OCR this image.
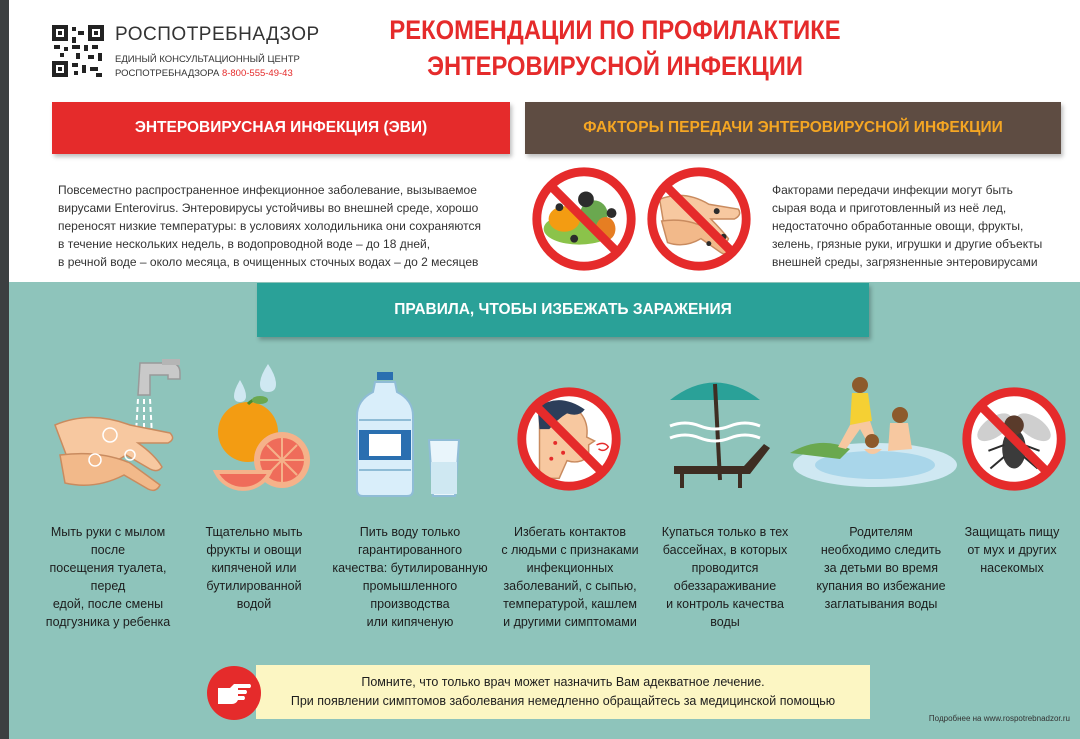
РОСПОТРЕБНАДЗОР
ЕДИНЫЙ КОНСУЛЬТАЦИОННЫЙ ЦЕНТР
РОСПОТРЕБНАДЗОРА 8-800-555-49-43
РЕКОМЕНДАЦИИ ПО ПРОФИЛАКТИКЕ
ЭНТЕРОВИРУСНОЙ ИНФЕКЦИИ
ЭНТЕРОВИРУСНАЯ ИНФЕКЦИЯ (ЭВИ)	ФАКТОРЫ ПЕРЕДАЧИ ЭНТЕРОВИРУСНОЙ ИНФЕКЦИИ
Повсеместно распространенное инфекционное заболевание, вызываемое
вирусами Enterovirus. Энтеровирусы устойчивы во внешней среде, хорошо
переносят низкие температуры: в условиях холодильника они сохраняются
в течение нескольких недель, в водопроводной воде – до 18 дней,
в речной воде – около месяца, в очищенных сточных водах – до 2 месяцев
Факторами передачи инфекции могут быть
сырая вода и приготовленный из неё лед,
недостаточно обработанные овощи, фрукты,
зелень, грязные руки, игрушки и другие объекты
внешней среды, загрязненные энтеровирусами
ПРАВИЛА, ЧТОБЫ ИЗБЕЖАТЬ ЗАРАЖЕНИЯ
Мыть руки с мылом после
посещения туалета, перед
едой, после смены
подгузника у ребенка
Тщательно мыть
фрукты и овощи
кипяченой или
бутилированной
водой
Пить воду только
гарантированного
качества: бутилированную
промышленного
производства
или кипяченую
Избегать контактов
с людьми с признаками
инфекционных
заболеваний, с сыпью,
температурой, кашлем
и другими симптомами
Купаться только в тех
бассейнах, в которых
проводится
обеззараживание
и контроль качества
воды
Родителям
необходимо следить
за детьми во время
купания во избежание
заглатывания воды
Защищать пищу
от мух и других
насекомых
Помните, что только врач может назначить Вам адекватное лечение.
При появлении симптомов заболевания немедленно обращайтесь за медицинской помощью
Подробнее на www.rospotrebnadzor.ru
